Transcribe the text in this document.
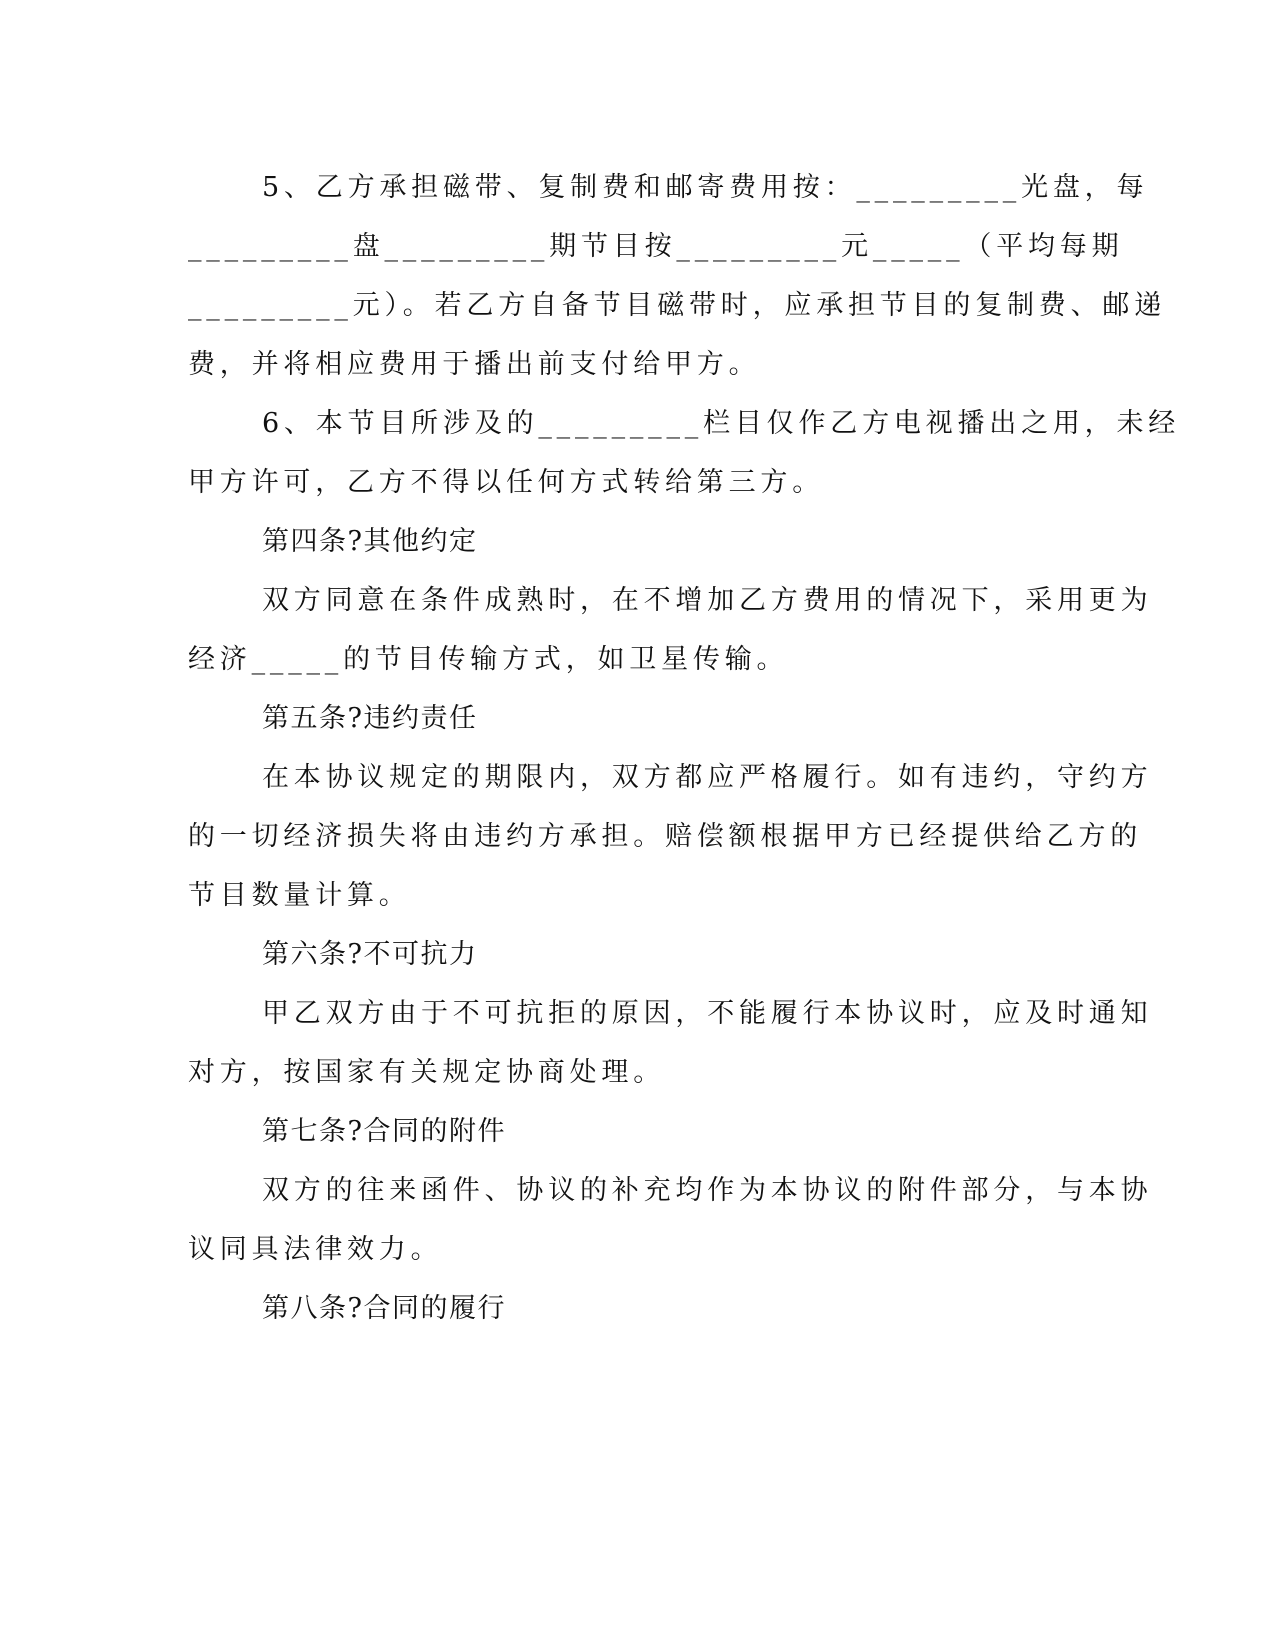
5、乙方承担磁带、复制费和邮寄费用按：_________光盘，每
_________盘_________期节目按_________元_____（平均每期
_________元）。若乙方自备节目磁带时，应承担节目的复制费、邮递
费，并将相应费用于播出前支付给甲方。
6、本节目所涉及的_________栏目仅作乙方电视播出之用，未经
甲方许可，乙方不得以任何方式转给第三方。
第四条?其他约定
双方同意在条件成熟时，在不增加乙方费用的情况下，采用更为
经济_____的节目传输方式，如卫星传输。
第五条?违约责任
在本协议规定的期限内，双方都应严格履行。如有违约，守约方
的一切经济损失将由违约方承担。赔偿额根据甲方已经提供给乙方的
节目数量计算。
第六条?不可抗力
甲乙双方由于不可抗拒的原因，不能履行本协议时，应及时通知
对方，按国家有关规定协商处理。
第七条?合同的附件
双方的往来函件、协议的补充均作为本协议的附件部分，与本协
议同具法律效力。
第八条?合同的履行
